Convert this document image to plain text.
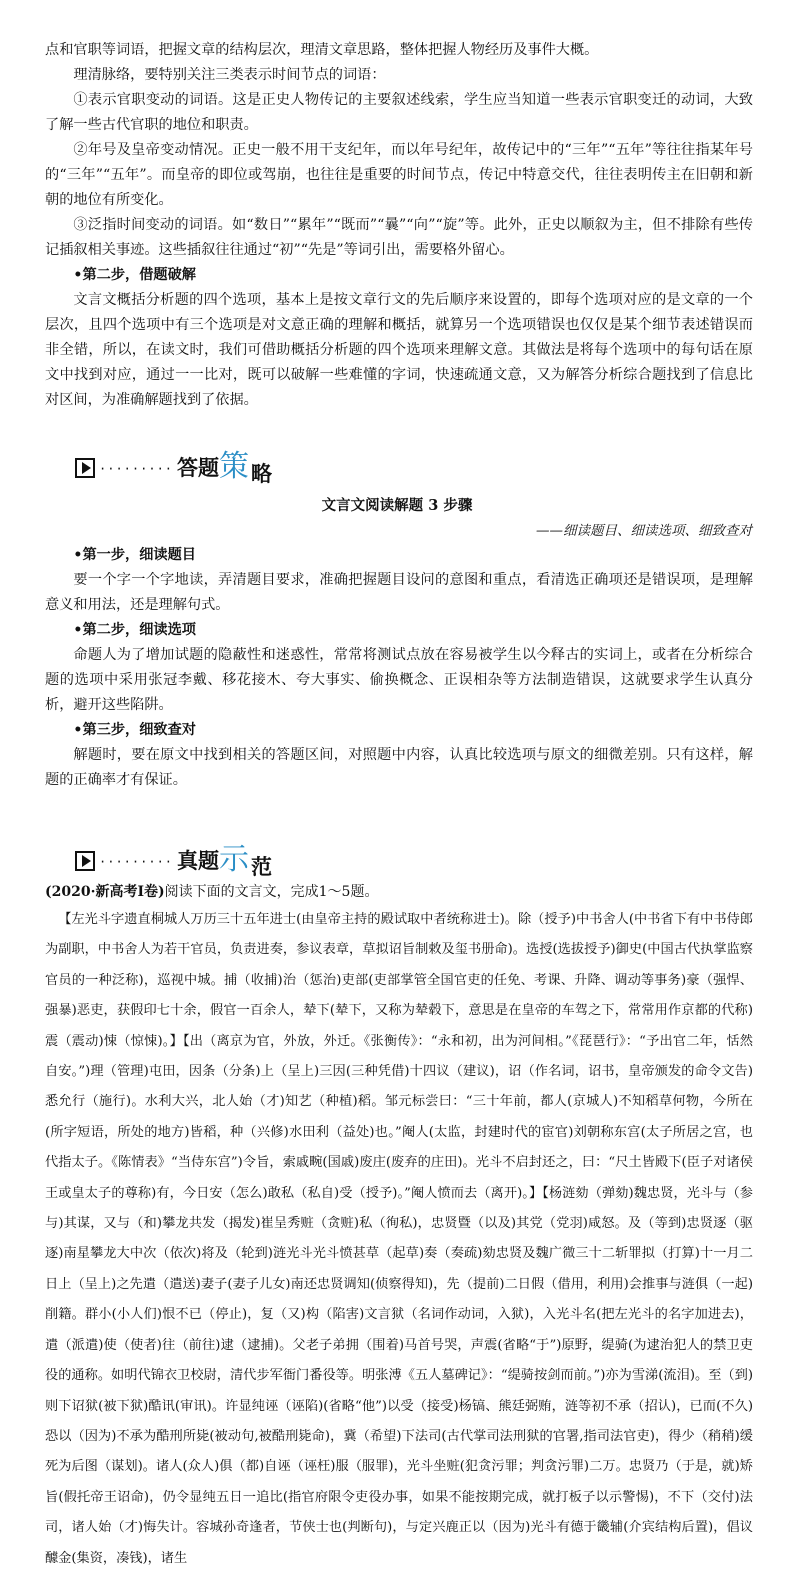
点和官职等词语，把握文章的结构层次，理清文章思路，整体把握人物经历及事件大概。

理清脉络，要特别关注三类表示时间节点的词语：

①表示官职变动的词语。这是正史人物传记的主要叙述线索，学生应当知道一些表示官职变迁的动词，大致了解一些古代官职的地位和职责。

②年号及皇帝变动情况。正史一般不用干支纪年，而以年号纪年，故传记中的“三年”“五年”等往往指某年号的“三年”“五年”。而皇帝的即位或驾崩，也往往是重要的时间节点，传记中特意交代，往往表明传主在旧朝和新朝的地位有所变化。

③泛指时间变动的词语。如“数日”“累年”“既而”“曩”“向”“旋”等。此外，正史以顺叙为主，但不排除有些传记插叙相关事迹。这些插叙往往通过“初”“先是”等词引出，需要格外留心。

•第二步，借题破解

文言文概括分析题的四个选项，基本上是按文章行文的先后顺序来设置的，即每个选项对应的是文章的一个层次，且四个选项中有三个选项是对文意正确的理解和概括，就算另一个选项错误也仅仅是某个细节表述错误而非全错，所以，在读文时，我们可借助概括分析题的四个选项来理解文意。其做法是将每个选项中的每句话在原文中找到对应，通过一一比对，既可以破解一些难懂的字词，快速疏通文意，又为解答分析综合题找到了信息比对区间，为准确解题找到了依据。

········· 答题 策 略
文言文阅读解题 3 步骤
——细读题目、细读选项、细致查对

•第一步，细读题目

要一个字一个字地读，弄清题目要求，准确把握题目设问的意图和重点，看清选正确项还是错误项，是理解意义和用法，还是理解句式。

•第二步，细读选项

命题人为了增加试题的隐蔽性和迷惑性，常常将测试点放在容易被学生以今释古的实词上，或者在分析综合题的选项中采用张冠李戴、移花接木、夸大事实、偷换概念、正误相杂等方法制造错误，这就要求学生认真分析，避开这些陷阱。

•第三步，细致查对

解题时，要在原文中找到相关的答题区间，对照题中内容，认真比较选项与原文的细微差别。只有这样，解题的正确率才有保证。

········· 真题 示 范

(2020·新高考Ⅰ卷)阅读下面的文言文，完成1～5题。

【左光斗字遗直桐城人万历三十五年进士(由皇帝主持的殿试取中者统称进士)。除（授予)中书舍人(中书省下有中书侍郎为副职，中书舍人为若干官员，负责进奏，参议表章，草拟诏旨制敕及玺书册命)。选授(选拔授予)御史(中国古代执掌监察官员的一种泛称)，巡视中城。捕（收捕)治（惩治)吏部(吏部掌管全国官吏的任免、考课、升降、调动等事务)豪（强悍、强暴)恶吏，获假印七十余，假官一百余人，辇下(辇下，又称为辇毂下，意思是在皇帝的车驾之下，常常用作京都的代称)震（震动)悚（惊悚)。】【出（离京为官，外放，外迁。《张衡传》：“永和初，出为河间相。”《琵琶行》：“予出官二年，恬然自安。”)理（管理)屯田，因条（分条)上（呈上)三因(三种凭借)十四议（建议)，诏（作名词，诏书，皇帝颁发的命令文告)悉允行（施行)。水利大兴，北人始（才)知艺（种植)稻。邹元标尝曰：“三十年前，都人(京城人)不知稻草何物，今所在(所字短语，所处的地方)皆稻，种（兴修)水田利（益处)也。”阉人(太监，封建时代的宦官)刘朝称东宫(太子所居之宫，也代指太子。《陈情表》“当侍东宫”)令旨，索戚畹(国戚)废庄(废弃的庄田)。光斗不启封还之，曰：“尺土皆殿下(臣子对诸侯王或皇太子的尊称)有，今日安（怎么)敢私（私自)受（授予)。”阉人愤而去（离开)。】【杨涟劾（弹劾)魏忠贤，光斗与（参与)其谋，又与（和)攀龙共发（揭发)崔呈秀赃（贪赃)私（徇私)，忠贤暨（以及)其党（党羽)咸怒。及（等到)忠贤逐（驱逐)南星攀龙大中次（依次)将及（轮到)涟光斗光斗愤甚草（起草)奏（奏疏)劾忠贤及魏广微三十二斩罪拟（打算)十一月二日上（呈上)之先遣（遣送)妻子(妻子儿女)南还忠贤调知(侦察得知)，先（提前)二日假（借用，利用)会推事与涟俱（一起)削籍。群小(小人们)恨不已（停止)，复（又)构（陷害)文言狱（名词作动词，入狱)，入光斗名(把左光斗的名字加进去)，遣（派遣)使（使者)往（前往)逮（逮捕)。父老子弟拥（围着)马首号哭，声震(省略“于”)原野，缇骑(为逮治犯人的禁卫吏役的通称。如明代锦衣卫校尉，清代步军衙门番役等。明张溥《五人墓碑记》：“缇骑按剑而前。”)亦为雪涕(流泪)。至（到)则下诏狱(被下狱)酷讯(审讯)。许显纯诬（诬陷)(省略“他”)以受（接受)杨镐、熊廷弼贿，涟等初不承（招认)，已而(不久)恐以（因为)不承为酷刑所毙(被动句,被酷刑毙命)，冀（希望)下法司(古代掌司法刑狱的官署,指司法官吏)，得少（稍稍)缓死为后图（谋划)。诸人(众人)俱（都)自诬（诬枉)服（服罪)，光斗坐赃(犯贪污罪；判贪污罪)二万。忠贤乃（于是，就)矫旨(假托帝王诏命)，仍令显纯五日一追比(指官府限令吏役办事，如果不能按期完成，就打板子以示警惕)，不下（交付)法司，诸人始（才)悔失计。容城孙奇逢者，节侠士也(判断句)，与定兴鹿正以（因为)光斗有德于畿辅(介宾结构后置)，倡议醵金(集资，凑钱)，诸生
